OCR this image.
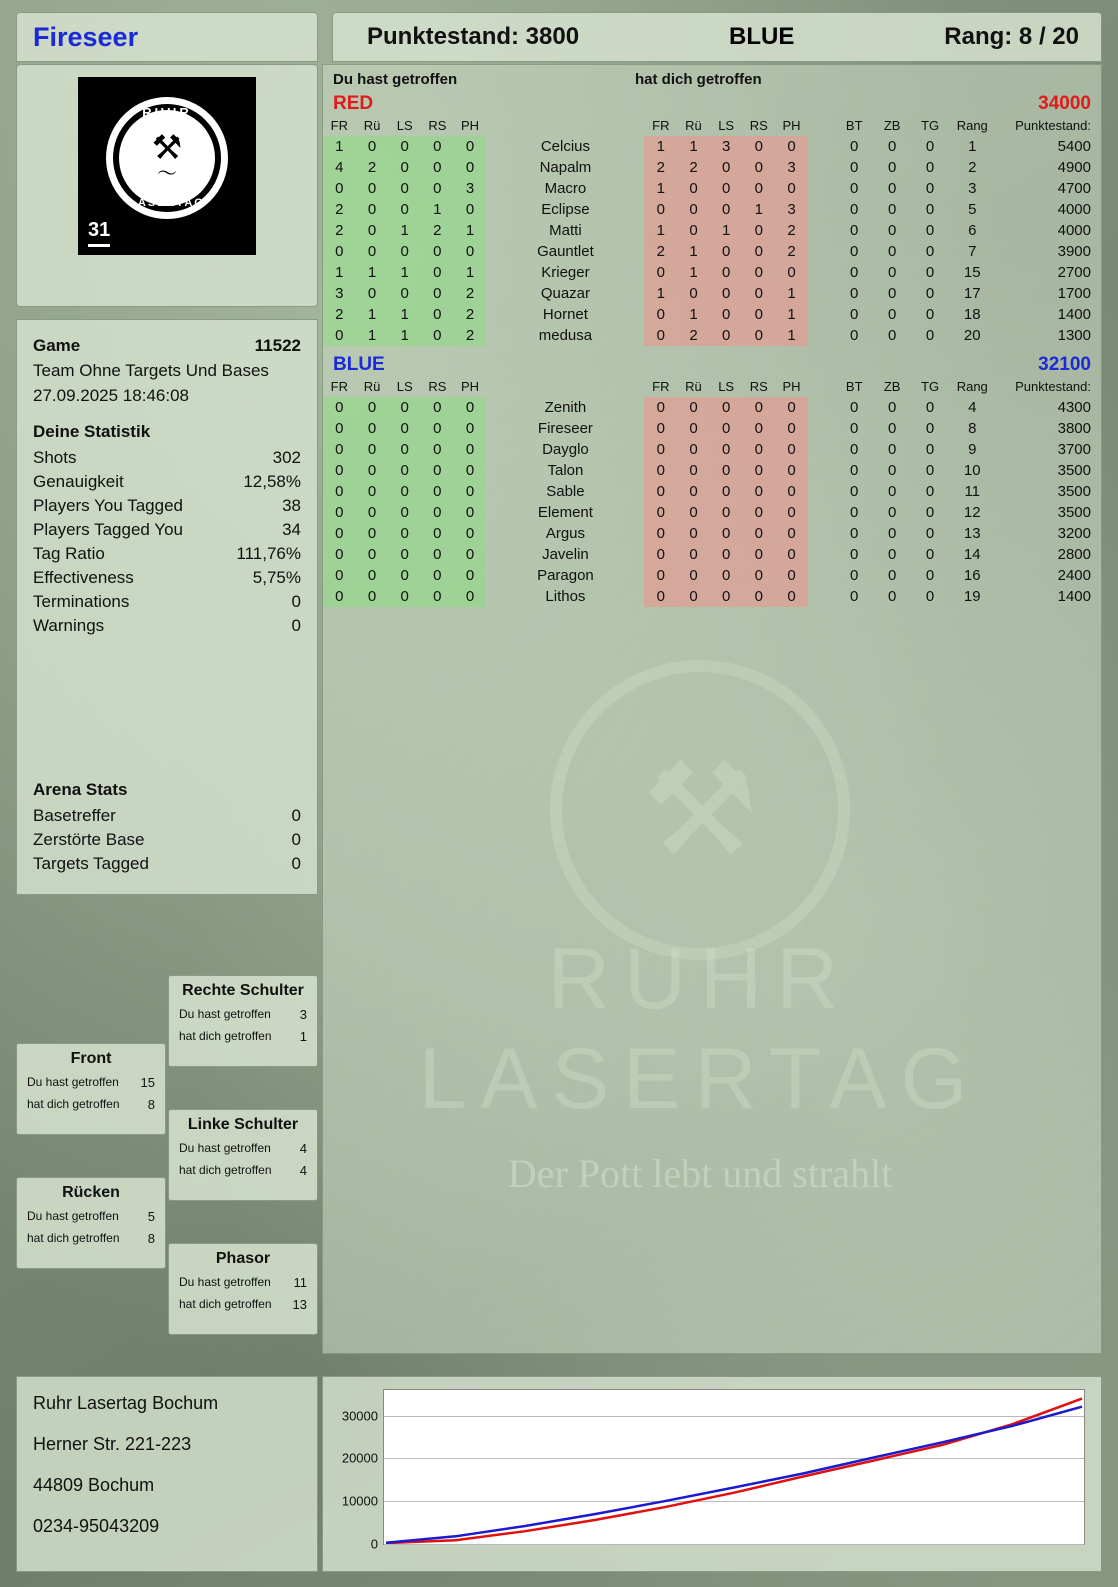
Fireseer	Punktestand: 3800	BLUE	Rang: 8 / 20
⚒
〜
RUHR
LASERTAG
31
Game	11522
Team Ohne Targets Und Bases
27.09.2025 18:46:08
Deine Statistik
Shots	302
Genauigkeit	12,58%
Players You Tagged	38
Players Tagged You	34
Tag Ratio	111,76%
Effectiveness	5,75%
Terminations	0
Warnings	0
Arena Stats
Basetreffer	0
Zerstörte Base	0
Targets Tagged	0
Rechte Schulter
Du hast getroffen 3
hat dich getroffen 1
Front
Du hast getroffen 15
hat dich getroffen 8
Linke Schulter
Du hast getroffen 4
hat dich getroffen 4
Rücken
Du hast getroffen 5
hat dich getroffen 8
Phasor
Du hast getroffen 11
hat dich getroffen 13
Ruhr Lasertag Bochum
Herner Str. 221-223
44809 Bochum
0234-95043209
Du hast getroffen	hat dich getroffen
RED	34000
FR	Rü	LS	RS	PH		FR	Rü	LS	RS	PH		BT	ZB	TG	Rang	Punktestand:
1	0	0	0	0	Celcius	1	1	3	0	0		0	0	0	1	5400
4	2	0	0	0	Napalm	2	2	0	0	3		0	0	0	2	4900
0	0	0	0	3	Macro	1	0	0	0	0		0	0	0	3	4700
2	0	0	1	0	Eclipse	0	0	0	1	3		0	0	0	5	4000
2	0	1	2	1	Matti	1	0	1	0	2		0	0	0	6	4000
0	0	0	0	0	Gauntlet	2	1	0	0	2		0	0	0	7	3900
1	1	1	0	1	Krieger	0	1	0	0	0		0	0	0	15	2700
3	0	0	0	2	Quazar	1	0	0	0	1		0	0	0	17	1700
2	1	1	0	2	Hornet	0	1	0	0	1		0	0	0	18	1400
0	1	1	0	2	medusa	0	2	0	0	1		0	0	0	20	1300
BLUE	32100
FR	Rü	LS	RS	PH		FR	Rü	LS	RS	PH		BT	ZB	TG	Rang	Punktestand:
0	0	0	0	0	Zenith	0	0	0	0	0		0	0	0	4	4300
0	0	0	0	0	Fireseer	0	0	0	0	0		0	0	0	8	3800
0	0	0	0	0	Dayglo	0	0	0	0	0		0	0	0	9	3700
0	0	0	0	0	Talon	0	0	0	0	0		0	0	0	10	3500
0	0	0	0	0	Sable	0	0	0	0	0		0	0	0	11	3500
0	0	0	0	0	Element	0	0	0	0	0		0	0	0	12	3500
0	0	0	0	0	Argus	0	0	0	0	0		0	0	0	13	3200
0	0	0	0	0	Javelin	0	0	0	0	0		0	0	0	14	2800
0	0	0	0	0	Paragon	0	0	0	0	0		0	0	0	16	2400
0	0	0	0	0	Lithos	0	0	0	0	0		0	0	0	19	1400
0
10000
20000
30000
